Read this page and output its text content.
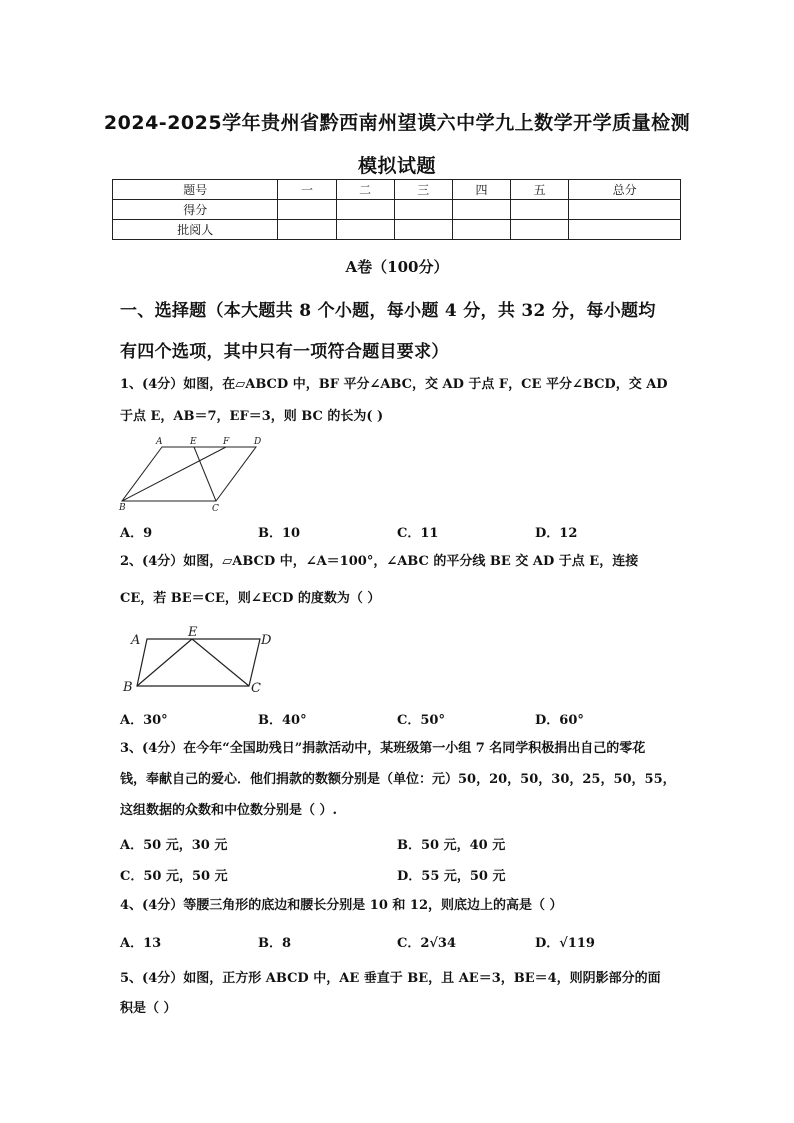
2024-2025学年贵州省黔西南州望谟六中学九上数学开学质量检测
模拟试题
题号	一	二	三	四	五	总分
得分						
批阅人						
A卷（100分）
一、选择题（本大题共 8 个小题，每小题 4 分，共 32 分，每小题均
有四个选项，其中只有一项符合题目要求）
1、(4分）如图，在▱ABCD 中，BF 平分∠ABC，交 AD 于点 F，CE 平分∠BCD，交 AD
于点 E，AB＝7，EF＝3，则 BC 的长为( )
A	E	F	D
B	C
A．9	B．10	C．11	D．12
2、(4分）如图，▱ABCD 中，∠A＝100°，∠ABC 的平分线 BE 交 AD 于点 E，连接
CE，若 BE＝CE，则∠ECD 的度数为（ ）
A
E
D
B	C
A．30°	B．40°	C．50°	D．60°
3、(4分）在今年“全国助残日”捐款活动中，某班级第一小组 7 名同学积极捐出自己的零花
钱，奉献自己的爱心．他们捐款的数额分别是（单位：元）50，20，50，30，25，50，55，
这组数据的众数和中位数分别是（ ）.
A．50 元，30 元	B．50 元，40 元
C．50 元，50 元	D．55 元，50 元
4、(4分）等腰三角形的底边和腰长分别是 10 和 12，则底边上的高是（ ）
A．13	B．8	C．2√34	D．√119
5、(4分）如图，正方形 ABCD 中，AE 垂直于 BE，且 AE＝3，BE＝4，则阴影部分的面
积是（ ）
